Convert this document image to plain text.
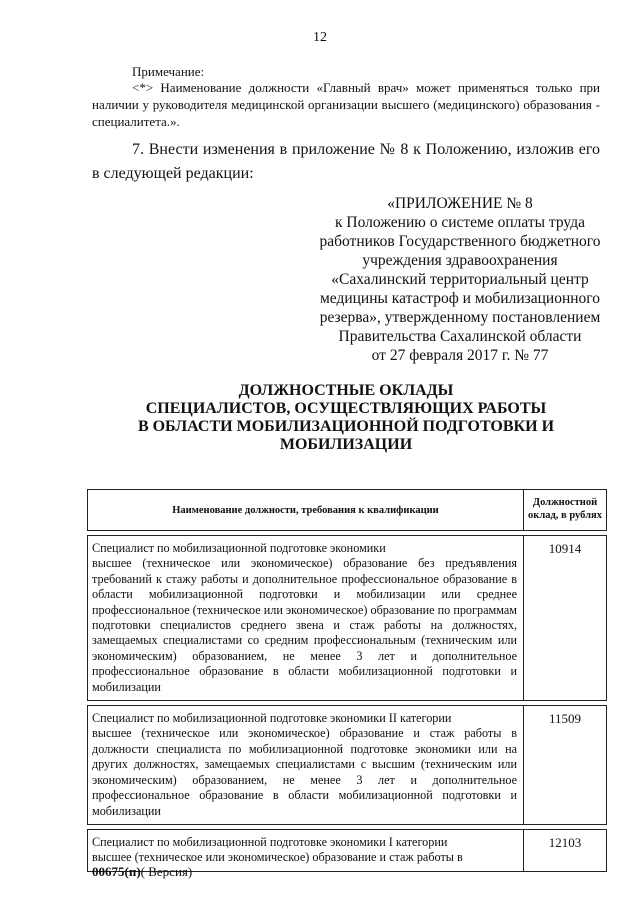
12
Примечание:
<*> Наименование должности «Главный врач» может применяться только при наличии у руководителя медицинской организации высшего (медицинского) образования - специалитета.».
7. Внести изменения в приложение № 8 к Положению, изложив его в следующей редакции:
«ПРИЛОЖЕНИЕ № 8
к Положению о системе оплаты труда
работников Государственного бюджетного
учреждения здравоохранения
«Сахалинский территориальный центр
медицины катастроф и мобилизационного
резерва», утвержденному постановлением
Правительства Сахалинской области
от 27 февраля 2017 г. № 77
ДОЛЖНОСТНЫЕ ОКЛАДЫ
СПЕЦИАЛИСТОВ, ОСУЩЕСТВЛЯЮЩИХ РАБОТЫ
В ОБЛАСТИ МОБИЛИЗАЦИОННОЙ ПОДГОТОВКИ И
МОБИЛИЗАЦИИ
Наименование должности, требования к квалификации	Должностной оклад, в рублях

Специалист по мобилизационной подготовке экономики
высшее (техническое или экономическое) образование без предъявления требований к стажу работы и дополнительное профессиональное образование в области мобилизационной подготовки и мобилизации или среднее профессиональное (техническое или экономическое) образование по программам подготовки специалистов среднего звена и стаж работы на должностях, замещаемых специалистами со средним профессиональным (техническим или экономическим) образованием, не менее 3 лет и дополнительное профессиональное образование в области мобилизационной подготовки и мобилизации	10914

Специалист по мобилизационной подготовке экономики II категории
высшее (техническое или экономическое) образование и стаж работы в должности специалиста по мобилизационной подготовке экономики или на других должностях, замещаемых специалистами с высшим (техническим или экономическим) образованием, не менее 3 лет и дополнительное профессиональное образование в области мобилизационной подготовки и мобилизации	11509

Специалист по мобилизационной подготовке экономики I категории
высшее (техническое или экономическое) образование и стаж работы в	12103
00675(п)( Версия)
